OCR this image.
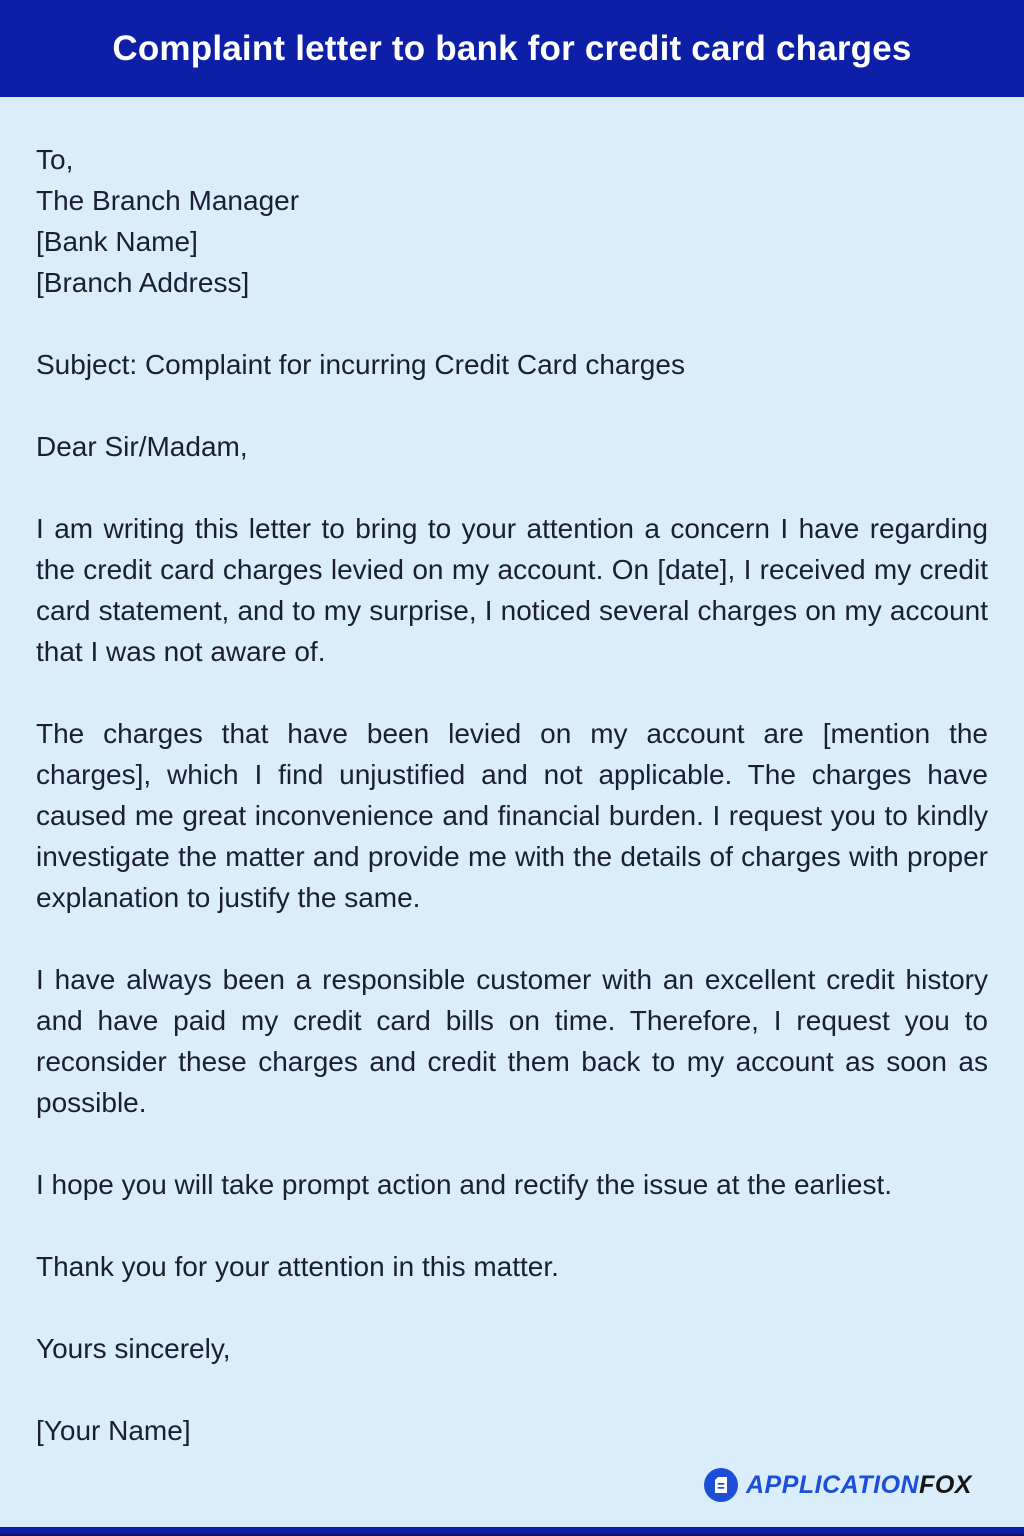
Complaint letter to bank for credit card charges
To,
The Branch Manager
[Bank Name]
[Branch Address]
Subject: Complaint for incurring Credit Card charges
Dear Sir/Madam,

I am writing this letter to bring to your attention a concern I have regarding the credit card charges levied on my account. On [date], I received my credit card statement, and to my surprise, I noticed several charges on my account that I was not aware of.

The charges that have been levied on my account are [mention the charges], which I find unjustified and not applicable. The charges have caused me great inconvenience and financial burden. I request you to kindly investigate the matter and provide me with the details of charges with proper explanation to justify the same.

I have always been a responsible customer with an excellent credit history and have paid my credit card bills on time. Therefore, I request you to reconsider these charges and credit them back to my account as soon as possible.

I hope you will take prompt action and rectify the issue at the earliest.

Thank you for your attention in this matter.

Yours sincerely,
[Your Name]
APPLICATIONFOX
